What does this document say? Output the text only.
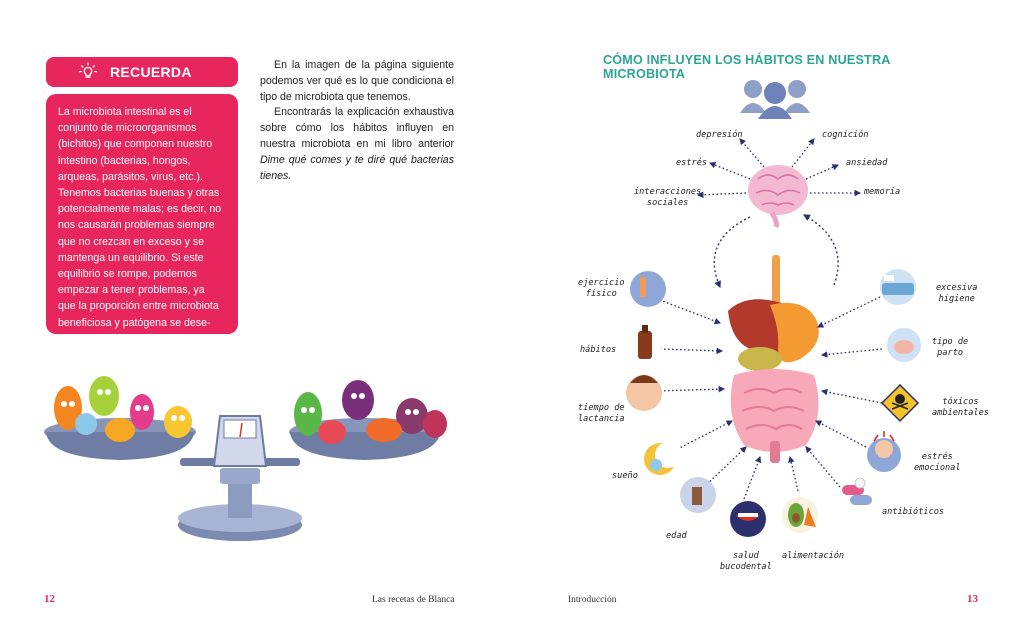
RECUERDA
La microbiota intestinal es el
conjunto de microorganismos
(bichitos) que componen nuestro
intestino (bacterias, hongos,
arqueas, parásitos, virus, etc.).
Tenemos bacterias buenas y otras
potencialmente malas; es decir, no
nos causarán problemas siempre
que no crezcan en exceso y se
mantenga un equilibrio. Si este
equilibrio se rompe, podemos
empezar a tener problemas, ya
que la proporción entre microbiota
beneficiosa y patógena se dese-
quilibrará y esta última crecerá.

En la imagen de la página siguiente podemos ver qué es lo que condiciona el tipo de microbiota que tenemos.

Encontrarás la explicación exhaustiva sobre cómo los hábitos influyen en nuestra microbiota en mi libro anterior Dime qué comes y te diré qué bacterias tienes.

12	Las recetas de Blanca	Introducción	13
CÓMO INFLUYEN LOS HÁBITOS EN NUESTRA MICROBIOTA
depresión	cognición
estrés	ansiedad
interacciones
sociales
memoria
ejercicio
físico
hábitos
tiempo de
lactancia
sueño
edad
salud
bucodental
alimentación
antibióticos
estrés
emocional
tóxicos
ambientales
tipo de
parto
excesiva
higiene
